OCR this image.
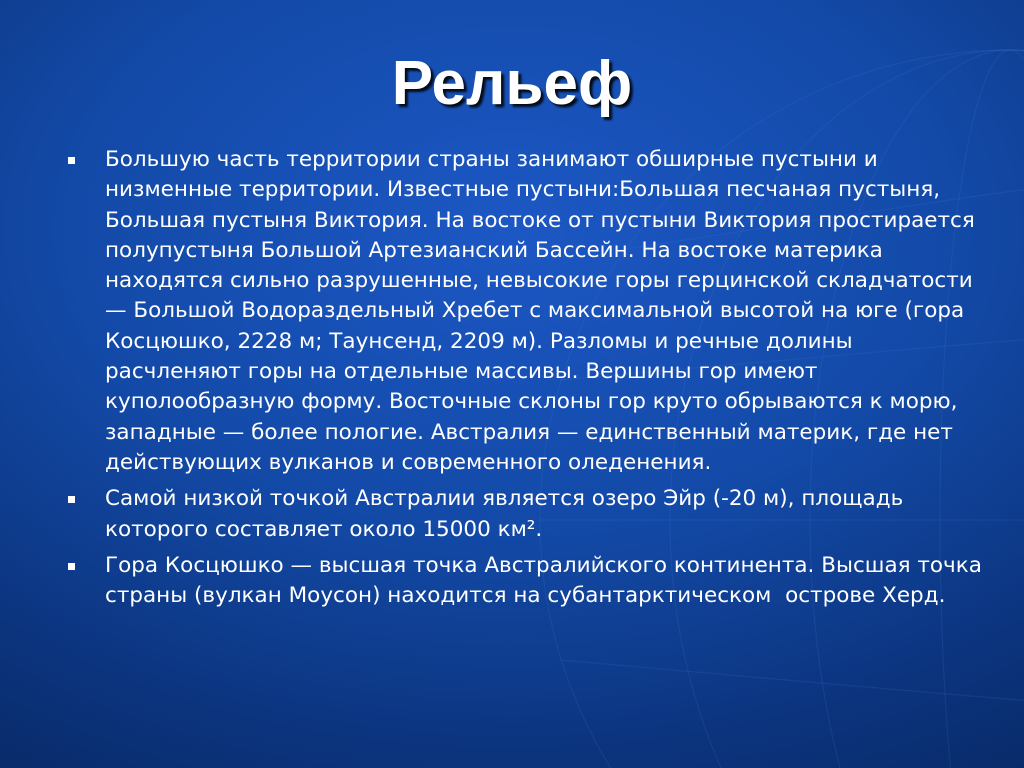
Рельеф
Большую часть территории страны занимают обширные пустыни и низменные территории. Известные пустыни:Большая песчаная пустыня, Большая пустыня Виктория. На востоке от пустыни Виктория простирается полупустыня Большой Артезианский Бассейн. На востоке материка находятся сильно разрушенные, невысокие горы герцинской складчатости — Большой Водораздельный Хребет с максимальной высотой на юге (гора Косцюшко, 2228 м; Таунсенд, 2209 м). Разломы и речные долины расчленяют горы на отдельные массивы. Вершины гор имеют куполообразную форму. Восточные склоны гор круто обрываются к морю, западные — более пологие. Австралия — единственный материк, где нет действующих вулканов и современного оледенения.
Самой низкой точкой Австралии является озеро Эйр (-20 м), площадь которого составляет около 15000 км².
Гора Косцюшко — высшая точка Австралийского континента. Высшая точка страны (вулкан Моусон) находится на субантарктическом  острове Херд.
